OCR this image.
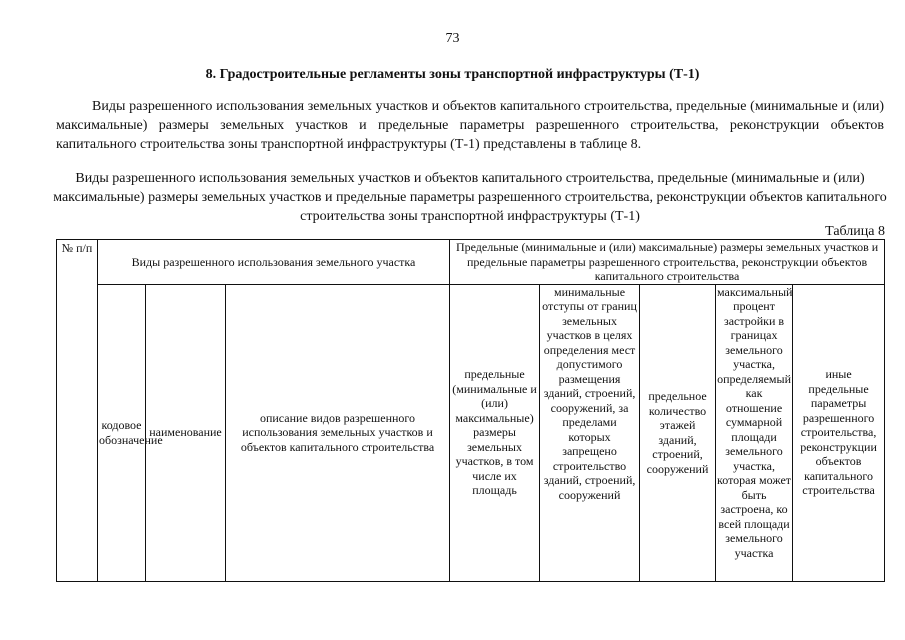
73
8. Градостроительные регламенты зоны транспортной инфраструктуры (Т-1)

Виды разрешенного использования земельных участков и объектов капитального строительства, предельные (минимальные и (или) максимальные) размеры земельных участков и предельные параметры разрешенного строительства, реконструкции объектов капитального строительства зоны транспортной инфраструктуры (Т-1) представлены в таблице 8.

Виды разрешенного использования земельных участков и объектов капитального строительства, предельные (минимальные и (или) максимальные) размеры земельных участков и предельные параметры разрешенного строительства, реконструкции объектов капитального строительства зоны транспортной инфраструктуры (Т-1)

Таблица 8
№ п/п	Виды разрешенного использования земельного участка			Предельные (минимальные и (или) максимальные) размеры земельных участков и предельные параметры разрешенного строительства, реконструкции объектов капитального строительства				
	кодовое обозначение	наименование	описание видов разрешенного использования земельных участков и объектов капитального строительства	предельные (минимальные и (или) максимальные) размеры земельных участков, в том числе их площадь	минимальные отступы от границ земельных участков в целях определения мест допустимого размещения зданий, строений, сооружений, за пределами которых запрещено строительство зданий, строений, сооружений	предельное количество этажей зданий, строений, сооружений	максимальный процент застройки в границах земельного участка, определяемый как отношение суммарной площади земельного участка, которая может быть застроена, ко всей площади земельного участка	иные предельные параметры разрешенного строительства, реконструкции объектов капитального строительства
